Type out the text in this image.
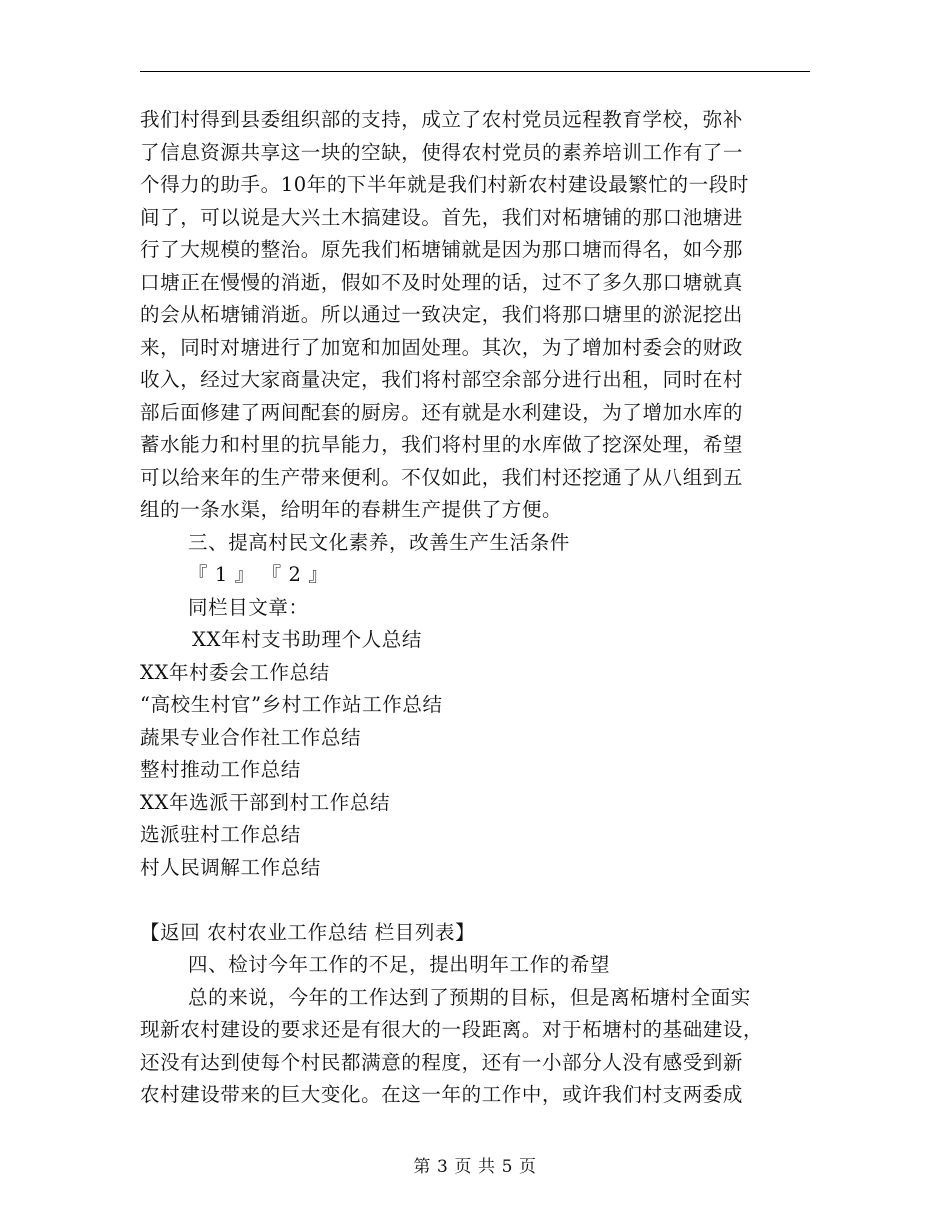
我们村得到县委组织部的支持，成立了农村党员远程教育学校，弥补
了信息资源共享这一块的空缺，使得农村党员的素养培训工作有了一
个得力的助手。10年的下半年就是我们村新农村建设最繁忙的一段时
间了，可以说是大兴土木搞建设。首先，我们对柘塘铺的那口池塘进
行了大规模的整治。原先我们柘塘铺就是因为那口塘而得名，如今那
口塘正在慢慢的消逝，假如不及时处理的话，过不了多久那口塘就真
的会从柘塘铺消逝。所以通过一致决定，我们将那口塘里的淤泥挖出
来，同时对塘进行了加宽和加固处理。其次，为了增加村委会的财政
收入，经过大家商量决定，我们将村部空余部分进行出租，同时在村
部后面修建了两间配套的厨房。还有就是水利建设，为了增加水库的
蓄水能力和村里的抗旱能力，我们将村里的水库做了挖深处理，希望
可以给来年的生产带来便利。不仅如此，我们村还挖通了从八组到五
组的一条水渠，给明年的春耕生产提供了方便。
三、提高村民文化素养，改善生产生活条件
『 1 』 『 2 』
同栏目文章：
XX年村支书助理个人总结
XX年村委会工作总结
“高校生村官”乡村工作站工作总结
蔬果专业合作社工作总结
整村推动工作总结
XX年选派干部到村工作总结
选派驻村工作总结
村人民调解工作总结
【返回 农村农业工作总结 栏目列表】
四、检讨今年工作的不足，提出明年工作的希望
总的来说，今年的工作达到了预期的目标，但是离柘塘村全面实
现新农村建设的要求还是有很大的一段距离。对于柘塘村的基础建设，
还没有达到使每个村民都满意的程度，还有一小部分人没有感受到新
农村建设带来的巨大变化。在这一年的工作中，或许我们村支两委成
第 3 页 共 5 页
